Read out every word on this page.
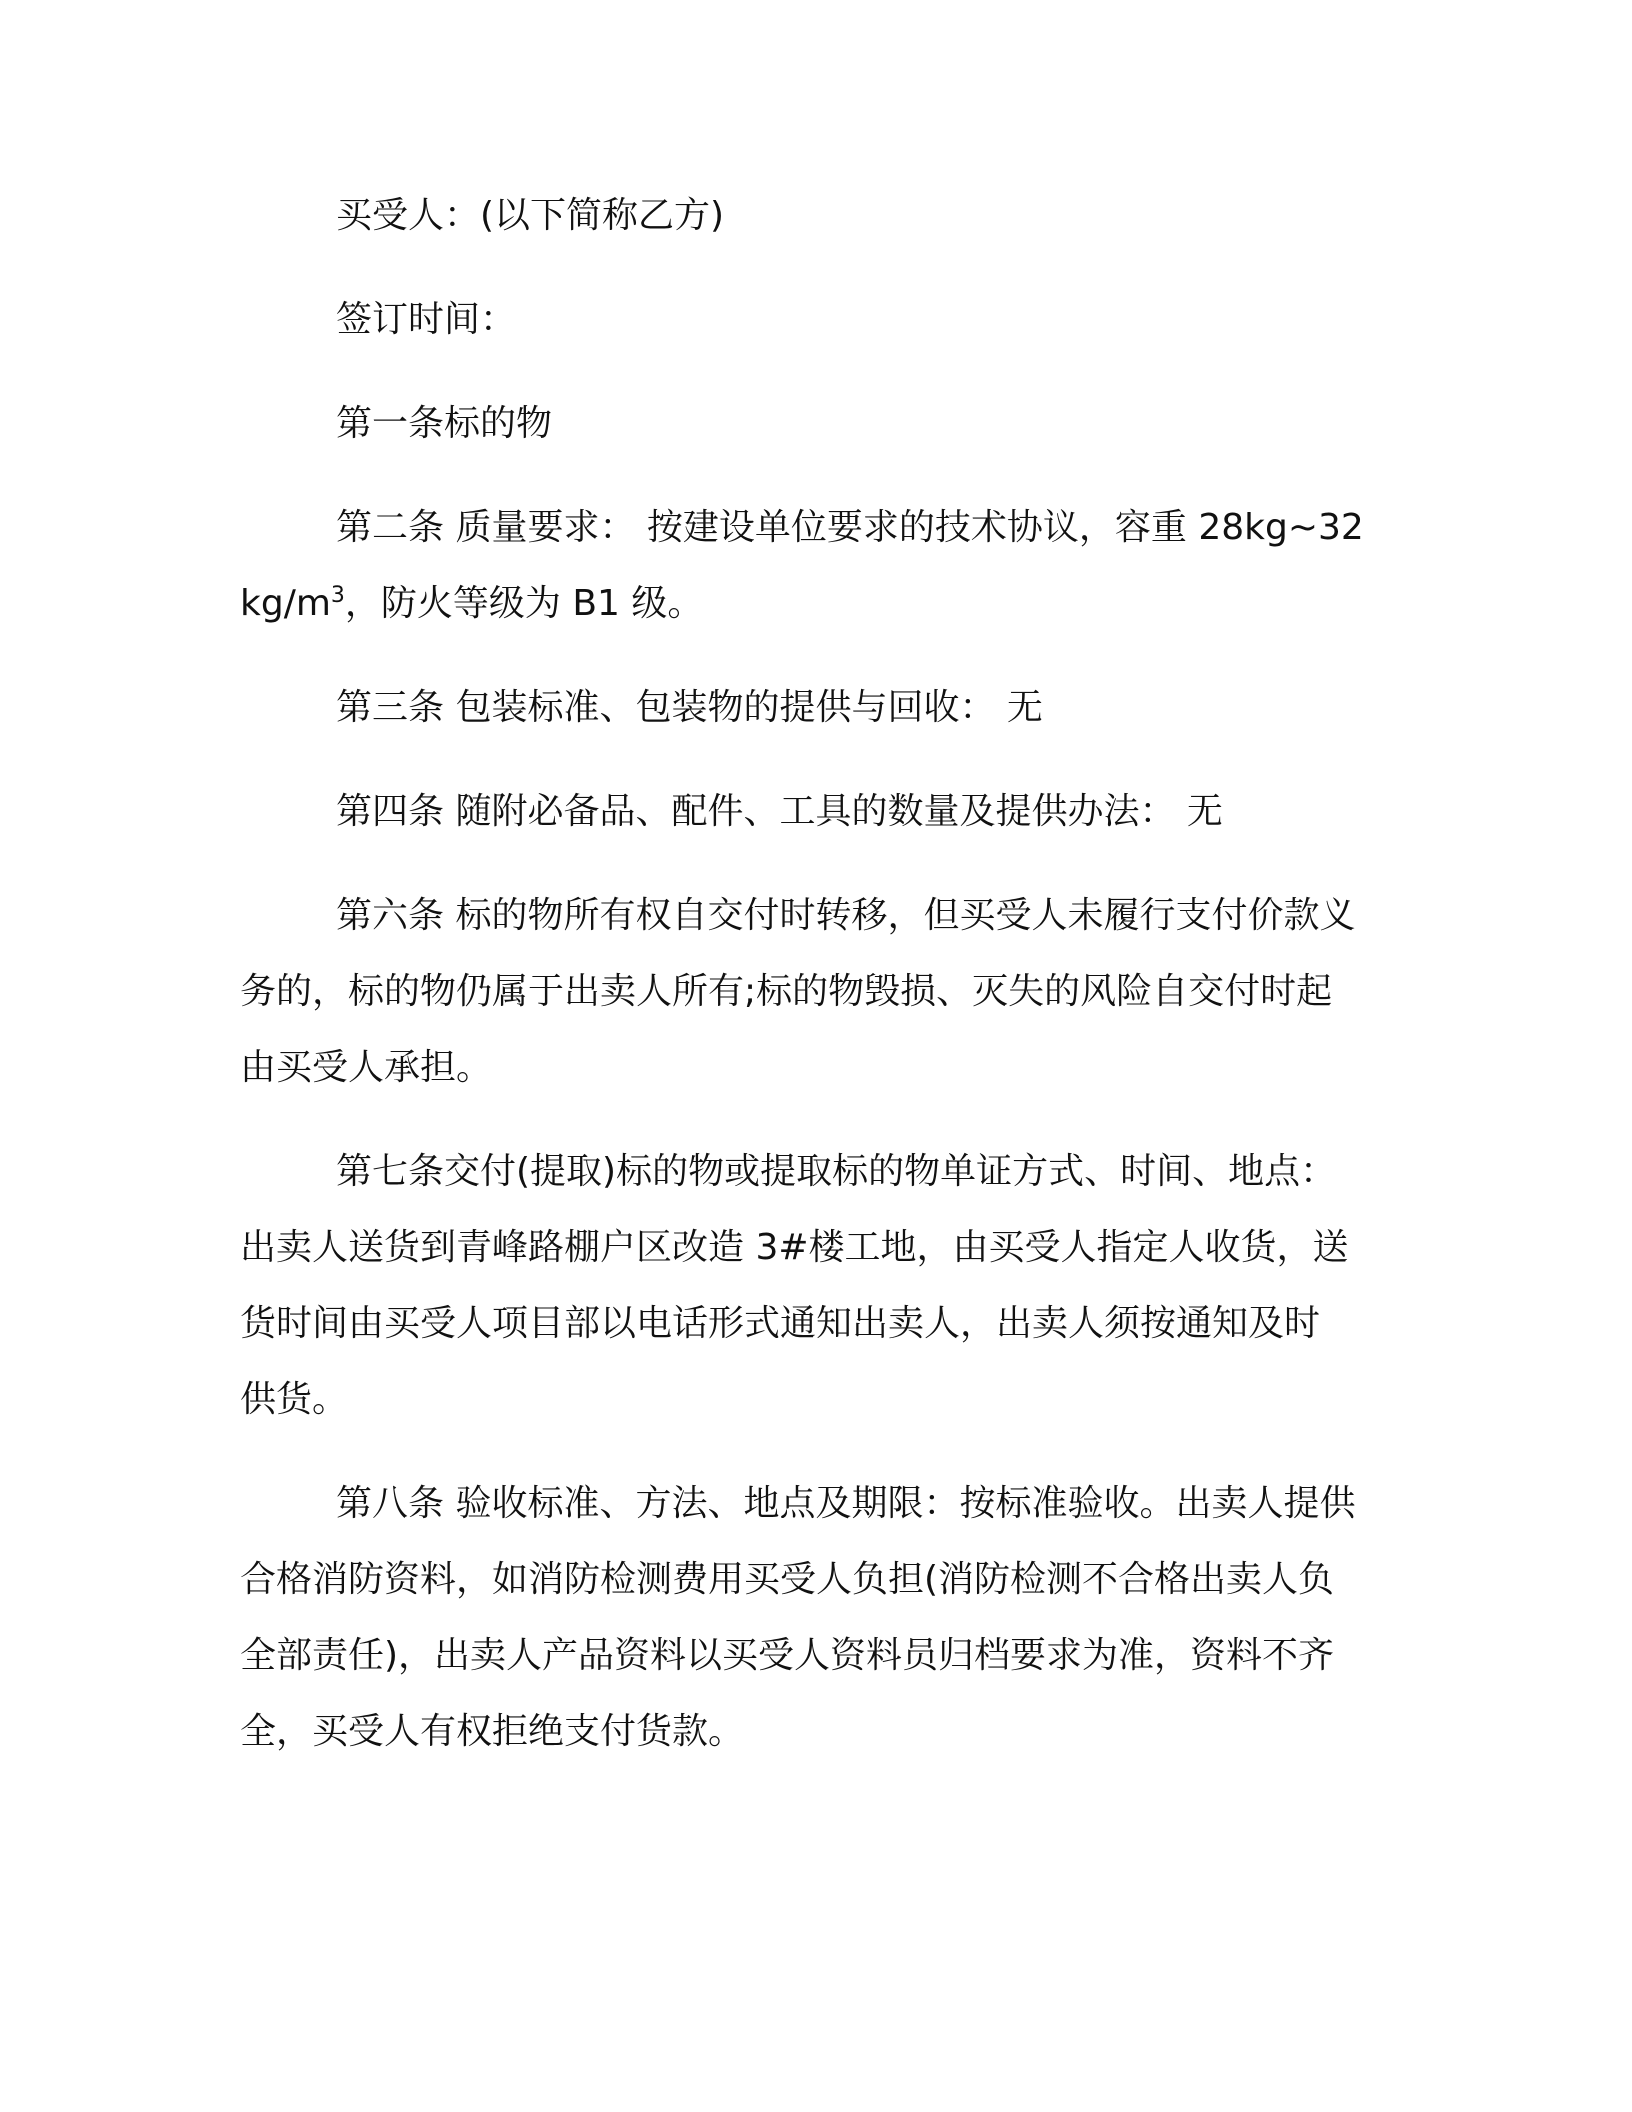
买受人：(以下简称乙方)

签订时间：

第一条标的物

第二条 质量要求： 按建设单位要求的技术协议，容重 28kg~32
$kg/m^3$，防火等级为 B1 级。

第三条 包装标准、包装物的提供与回收： 无

第四条 随附必备品、配件、工具的数量及提供办法： 无

第六条 标的物所有权自交付时转移，但买受人未履行支付价款义
务的，标的物仍属于出卖人所有;标的物毁损、灭失的风险自交付时起
由买受人承担。

第七条交付(提取)标的物或提取标的物单证方式、时间、地点：
出卖人送货到青峰路棚户区改造 3#楼工地，由买受人指定人收货，送
货时间由买受人项目部以电话形式通知出卖人，出卖人须按通知及时
供货。

第八条 验收标准、方法、地点及期限：按标准验收。出卖人提供
合格消防资料，如消防检测费用买受人负担(消防检测不合格出卖人负
全部责任)，出卖人产品资料以买受人资料员归档要求为准，资料不齐
全，买受人有权拒绝支付货款。
